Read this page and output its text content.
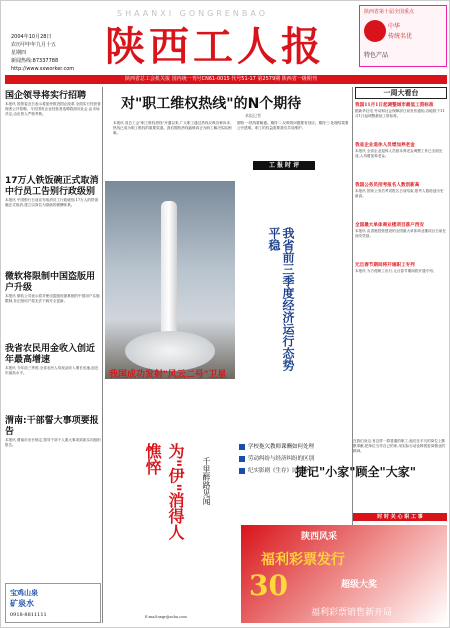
2004年10月28日
农历甲申年九月十五
星期四
新闻热线:87337788
http://www.sxworker.com
SHAANXI GONGRENBAO
陕西工人报
陕西省第十届全国重点
中华
传统名优
特色产品
陕西省总工会机关报 国内统一刊号CN61-0015 代号51-17 第2579期 陕西省一级期刊
国企领导将实行招聘
本报讯 国资委近日表示将加快推进国企改革,全面实行经营管理者公开招聘。今后国有企业经营者选聘将面向社会,由市场决定,由出资人严格考核。
17万人铁饭碗正式取消 中行员工告别行政级别
本报讯 中国银行日前宣布取消员工行政级别,17万人的铁饭碗正式取消,建立以岗位为基础的薪酬体系。
微软将限制中国盗版用户升级
本报讯 微软公司表示将对使用盗版视窗系统的中国用户实施限制,非正版用户将无法下载安全更新。
我省农民用金收入创近年最高增速
本报讯 今年前三季度,全省农民人均现金收入增长迅速,创近年最高水平。
渭南:干部誓大事项要报告
本报讯 渭南市出台规定,领导干部个人重大事项须如实向组织报告。
宝鸡山泉
矿泉水
0918-8811111
对"职工维权热线"的N个期待
本报记者
本报讯 省总工会"职工维权热线"开通以来,广大职工通过热线反映各种诉求,热线已成为职工维权的重要渠道。我们期待热线能够真正为职工解决实际困难。
期待一:热线要畅通。期待二:反映的问题要有回应。期待三:处理结果要公开透明。职工的权益需要我们共同维护。
工 报 时 评
我省前三季度经济运行态势平稳
我国成功发射"风云二号"卫星
为"伊"消得人憔悴	千里醉路见闻
E-mail:sxgr@sohu.com
一周大看台
我国11月1日起调整城市最低工资标准
据新华社电 劳动和社会保障部日前发布通知,各地将于11月1日起调整最低工资标准。
我省企业退休人员增加养老金
本报讯 全省企业退休人员基本养老金调整工作已全面完成,人均增加养老金。
我国公务员招考报名人数创新高
本报讯 国家公务员考试报名日前结束,报考人数再创历史新高。
全国最大单体商业楼项目落户西安
本报讯 由香港投资建设的全国最大单体商业楼项目日前在西安奠基。
元旦春节期间将开通职工专列
本报讯 为方便职工出行,元旦春节期间将开通专列。
学校拖欠教师课酬如何处理
劳动纠纷与经济纠纷的区别
纪实影剧《生存》民工打拼
捷记"小家"顾全"大家"
在我们身边,有这样一群普通的职工,他们在平凡的岗位上默默奉献,把单位当作自己的家,用实际行动诠释着爱岗敬业的精神。
时 时 关 心 职 工 事
陕西风采
福利彩票发行
30	超级大奖
福利彩票销售新开局
